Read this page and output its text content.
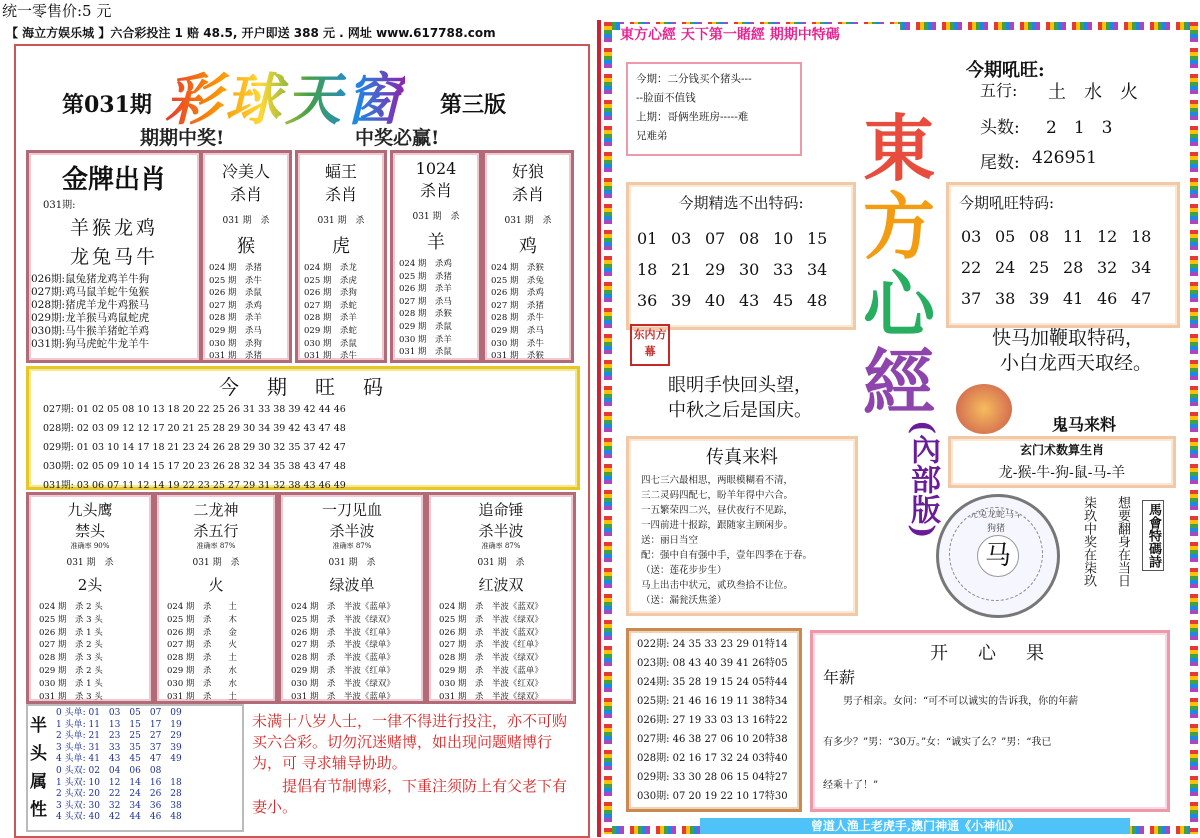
统一零售价:5 元
【 海立方娱乐城 】六合彩投注 1 赔 48.5, 开户即送 388 元 . 网址 www.617788.com
第031期 彩球天窗 第三版
期期中奖!	中奖必赢!
金牌出肖
031期:
羊猴龙鸡
龙兔马牛
026期:鼠兔猪龙鸡羊牛狗
027期:鸡马鼠羊蛇牛兔猴
028期:猪虎羊龙牛鸡猴马
029期:龙羊猴马鸡鼠蛇虎
030期:马牛猴羊猪蛇羊鸡
031期:狗马虎蛇牛龙羊牛
冷美人
杀肖
031 期　杀
猴
024 期　杀猪
025 期　杀牛
026 期　杀鼠
027 期　杀鸡
028 期　杀羊
029 期　杀马
030 期　杀狗
031 期　杀猪
蝠王
杀肖
031 期　杀
虎
024 期　杀龙
025 期　杀虎
026 期　杀狗
027 期　杀蛇
028 期　杀羊
029 期　杀蛇
030 期　杀鼠
031 期　杀牛
1024
杀肖
031 期　杀
羊
024 期　杀鸡
025 期　杀猪
026 期　杀羊
027 期　杀马
028 期　杀猴
029 期　杀鼠
030 期　杀羊
031 期　杀鼠
好狼
杀肖
031 期　杀
鸡
024 期　杀猴
025 期　杀兔
026 期　杀鸡
027 期　杀猪
028 期　杀牛
029 期　杀马
030 期　杀牛
031 期　杀猴
今　期　旺　码
027期: 01 02 05 08 10 13 18 20 22 25 26 31 33 38 39 42 44 46
028期: 02 03 09 12 12 17 20 21 25 28 29 30 34 39 42 43 47 48
029期: 01 03 10 14 17 18 21 23 24 26 28 29 30 32 35 37 42 47
030期: 02 05 09 10 14 15 17 20 23 26 28 32 34 35 38 43 47 48
031期: 03 06 07 11 12 14 19 22 23 25 27 29 31 32 38 43 46 49
九头鹰
禁头
准确率 90%
031 期　杀
2头
024 期　杀 2 头
025 期　杀 3 头
026 期　杀 1 头
027 期　杀 2 头
028 期　杀 3 头
029 期　杀 2 头
030 期　杀 1 头
031 期　杀 3 头
二龙神
杀五行
准确率 87%
031 期　杀
火
024 期　杀　　土
025 期　杀　　木
026 期　杀　　金
027 期　杀　　火
028 期　杀　　土
029 期　杀　　水
030 期　杀　　水
031 期　杀　　土
一刀见血
杀半波
准确率 87%
031 期　杀
绿波单
024 期　杀　半波《蓝单》
025 期　杀　半波《绿双》
026 期　杀　半波《红单》
027 期　杀　半波《绿单》
028 期　杀　半波《蓝单》
029 期　杀　半波《红单》
030 期　杀　半波《绿双》
031 期　杀　半波《蓝单》
追命锤
杀半波
准确率 87%
031 期　杀
红波双
024 期　杀　半波《蓝双》
025 期　杀　半波《绿双》
026 期　杀　半波《蓝双》
027 期　杀　半波《红单》
028 期　杀　半波《绿双》
029 期　杀　半波《蓝单》
030 期　杀　半波《红双》
031 期　杀　半波《绿双》
半
头
属
性
0 头单: 01　03　05　07　09
1 头单: 11　13　15　17　19
2 头单: 21　23　25　27　29
3 头单: 31　33　35　37　39
4 头单: 41　43　45　47　49
0 头双: 02　04　06　08
1 头双: 10　12　14　16　18
2 头双: 20　22　24　26　28
3 头双: 30　32　34　36　38
4 头双: 40　42　44　46　48
未满十八岁人士，一律不得进行投注，亦不可购买六合彩。切勿沉迷赌博，如出现问题赌博行为，可 寻求辅导协助。
提倡有节制博彩，下重注须防上有父老下有妻小。
東方心經 天下第一賭經 期期中特碼
今期：二分钱买个猪头---
--脸面不值钱
上期：哥俩坐班房-----难
兄难弟	東
方
心
經
(內部版)
今期吼旺:
五行: 土　水　火
头数: 2　1　3
尾数: 426951
今期精选不出特码:
01 03 07 08 10 15
18 21 29 30 33 34
36 39 40 43 45 48

今期吼旺特码:
03 05 08 11 12 18
22 24 25 28 32 34
37 38 39 41 46 47

快马加鞭取特码，
小白龙西天取经。
鬼马来料
东内方幕
眼明手快回头望，
中秋之后是国庆。
玄门术数算生肖
龙-猴-牛-狗-鼠-马-羊
传真来料
四七三六最相思，两眼模糊看不清，
三二灵码四配七，盼羊年得中六合。
一五繁荣四二兴，昼伏夜行不见踪，
一四前进十报踪，跟随家主顾闲步。
送：丽日当空
配：强中自有强中手，壹年四季在于春。
（送：莲花步步生）
马上出击中状元，贰玖叁拾不让位。
（送：漏瓮沃焦釜）
鼠牛虎兔龙蛇马羊猴鸡狗猪
马	想要翻身在当日
柒玖中奖在柒玖	馬會特碼詩
022期: 24 35 33 23 29 01特14
023期: 08 43 40 39 41 26特05
024期: 35 28 19 15 24 05特44
025期: 21 46 16 19 11 38特34
026期: 27 19 33 03 13 16特22
027期: 46 38 27 06 10 20特38
028期: 02 16 17 32 24 03特40
029期: 33 30 28 06 15 04特27
030期: 07 20 19 22 10 17特30
开　心　果
年薪
男子相亲。女问：“可不可以诚实的告诉我，你的年薪
有多少？”男：“30万。”女：“诚实了么？”男：“我已
经乘十了！”
曾道人渔上老虎手,澳门神通《小神仙》
